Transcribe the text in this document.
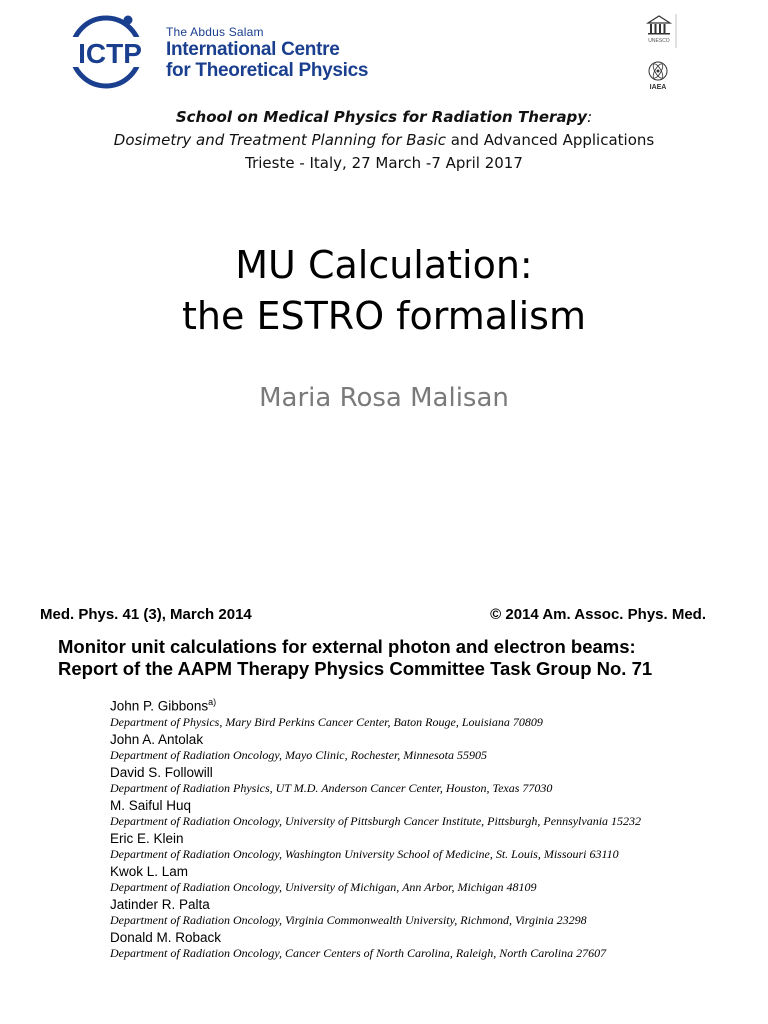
ICTP
The Abdus Salam
International Centre
for Theoretical Physics
UNESCO
IAEA
School on Medical Physics for Radiation Therapy:
Dosimetry and Treatment Planning for Basic and Advanced Applications
Trieste - Italy, 27 March -7 April 2017
MU Calculation:
the ESTRO formalism
Maria Rosa Malisan
Med. Phys. 41 (3), March 2014	© 2014 Am. Assoc. Phys. Med.
Monitor unit calculations for external photon and electron beams:
Report of the AAPM Therapy Physics Committee Task Group No. 71
John P. Gibbons$^{a)}$
Department of Physics, Mary Bird Perkins Cancer Center, Baton Rouge, Louisiana 70809
John A. Antolak
Department of Radiation Oncology, Mayo Clinic, Rochester, Minnesota 55905
David S. Followill
Department of Radiation Physics, UT M.D. Anderson Cancer Center, Houston, Texas 77030
M. Saiful Huq
Department of Radiation Oncology, University of Pittsburgh Cancer Institute, Pittsburgh, Pennsylvania 15232
Eric E. Klein
Department of Radiation Oncology, Washington University School of Medicine, St. Louis, Missouri 63110
Kwok L. Lam
Department of Radiation Oncology, University of Michigan, Ann Arbor, Michigan 48109
Jatinder R. Palta
Department of Radiation Oncology, Virginia Commonwealth University, Richmond, Virginia 23298
Donald M. Roback
Department of Radiation Oncology, Cancer Centers of North Carolina, Raleigh, North Carolina 27607
